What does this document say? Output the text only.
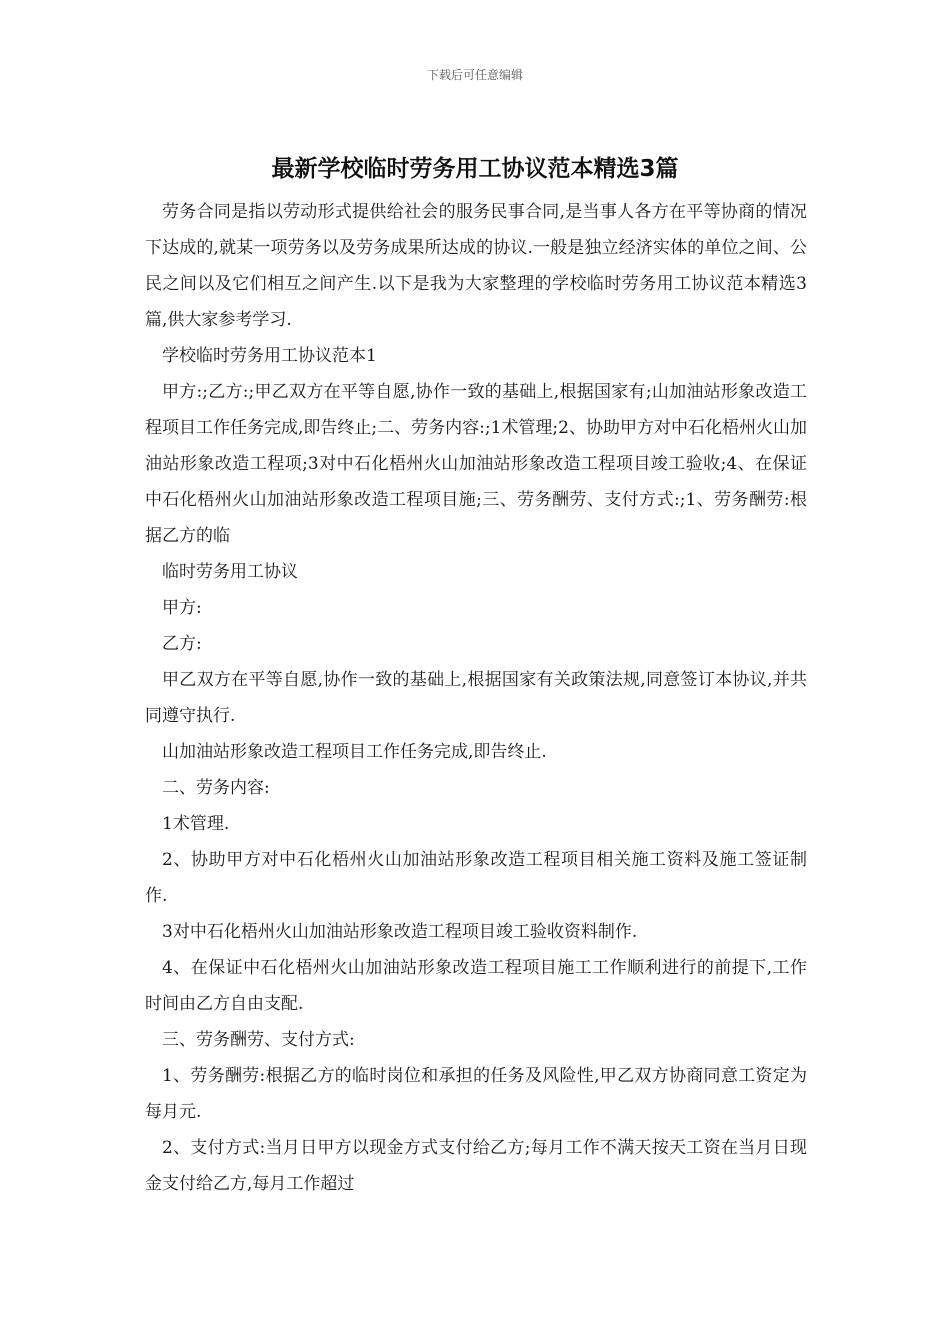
下载后可任意编辑
最新学校临时劳务用工协议范本精选3篇

劳务合同是指以劳动形式提供给社会的服务民事合同,是当事人各方在平等协商的情况下达成的,就某一项劳务以及劳务成果所达成的协议.一般是独立经济实体的单位之间、公民之间以及它们相互之间产生.以下是我为大家整理的学校临时劳务用工协议范本精选3篇,供大家参考学习.

学校临时劳务用工协议范本1

甲方:;乙方:;甲乙双方在平等自愿,协作一致的基础上,根据国家有;山加油站形象改造工程项目工作任务完成,即告终止;二、劳务内容:;1术管理;2、协助甲方对中石化梧州火山加油站形象改造工程项;3对中石化梧州火山加油站形象改造工程项目竣工验收;4、在保证中石化梧州火山加油站形象改造工程项目施;三、劳务酬劳、支付方式:;1、劳务酬劳:根据乙方的临

临时劳务用工协议

甲方:

乙方:

甲乙双方在平等自愿,协作一致的基础上,根据国家有关政策法规,同意签订本协议,并共同遵守执行.

山加油站形象改造工程项目工作任务完成,即告终止.

二、劳务内容:

1术管理.

2、协助甲方对中石化梧州火山加油站形象改造工程项目相关施工资料及施工签证制作.

3对中石化梧州火山加油站形象改造工程项目竣工验收资料制作.

4、在保证中石化梧州火山加油站形象改造工程项目施工工作顺利进行的前提下,工作时间由乙方自由支配.

三、劳务酬劳、支付方式:

1、劳务酬劳:根据乙方的临时岗位和承担的任务及风险性,甲乙双方协商同意工资定为每月元.

2、支付方式:当月日甲方以现金方式支付给乙方;每月工作不满天按天工资在当月日现金支付给乙方,每月工作超过
